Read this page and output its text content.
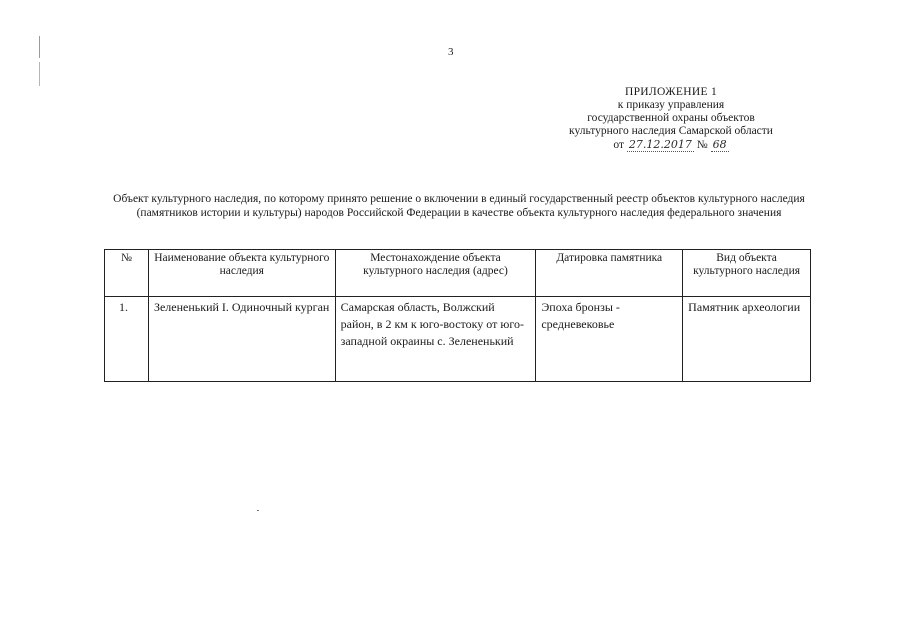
3
ПРИЛОЖЕНИЕ 1
к приказу управления
государственной охраны объектов
культурного наследия Самарской области
от 27.12.2017 № 68
Объект культурного наследия, по которому принято решение о включении в единый государственный реестр объектов культурного наследия (памятников истории и культуры) народов Российской Федерации в качестве объекта культурного наследия федерального значения
№	Наименование объекта культурного наследия	Местонахождение объекта культурного наследия (адрес)	Датировка памятника	Вид объекта культурного наследия
1.	Зелененький I. Одиночный курган	Самарская область, Волжский район, в 2 км к юго-востоку от юго-западной окраины с. Зелененький	Эпоха бронзы - средневековье	Памятник археологии
